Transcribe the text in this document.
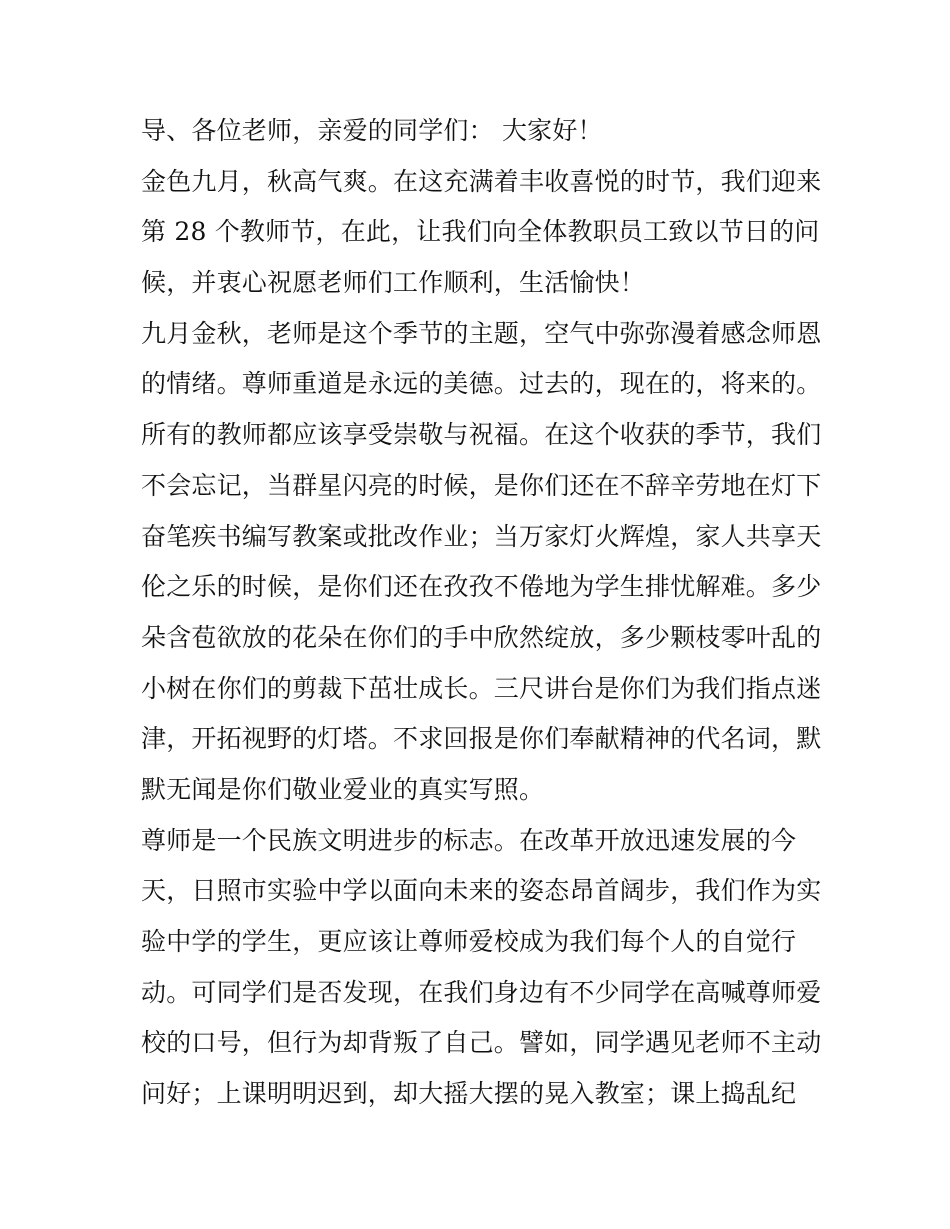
导、各位老师，亲爱的同学们： 大家好！
金色九月，秋高气爽。在这充满着丰收喜悦的时节，我们迎来
第 28 个教师节，在此，让我们向全体教职员工致以节日的问
候，并衷心祝愿老师们工作顺利，生活愉快！
九月金秋，老师是这个季节的主题，空气中弥弥漫着感念师恩
的情绪。尊师重道是永远的美德。过去的，现在的，将来的。
所有的教师都应该享受崇敬与祝福。在这个收获的季节，我们
不会忘记，当群星闪亮的时候，是你们还在不辞辛劳地在灯下
奋笔疾书编写教案或批改作业；当万家灯火辉煌，家人共享天
伦之乐的时候，是你们还在孜孜不倦地为学生排忧解难。多少
朵含苞欲放的花朵在你们的手中欣然绽放，多少颗枝零叶乱的
小树在你们的剪裁下茁壮成长。三尺讲台是你们为我们指点迷
津，开拓视野的灯塔。不求回报是你们奉献精神的代名词，默
默无闻是你们敬业爱业的真实写照。
尊师是一个民族文明进步的标志。在改革开放迅速发展的今
天，日照市实验中学以面向未来的姿态昂首阔步，我们作为实
验中学的学生，更应该让尊师爱校成为我们每个人的自觉行
动。可同学们是否发现，在我们身边有不少同学在高喊尊师爱
校的口号，但行为却背叛了自己。譬如，同学遇见老师不主动
问好；上课明明迟到，却大摇大摆的晃入教室；课上捣乱纪
